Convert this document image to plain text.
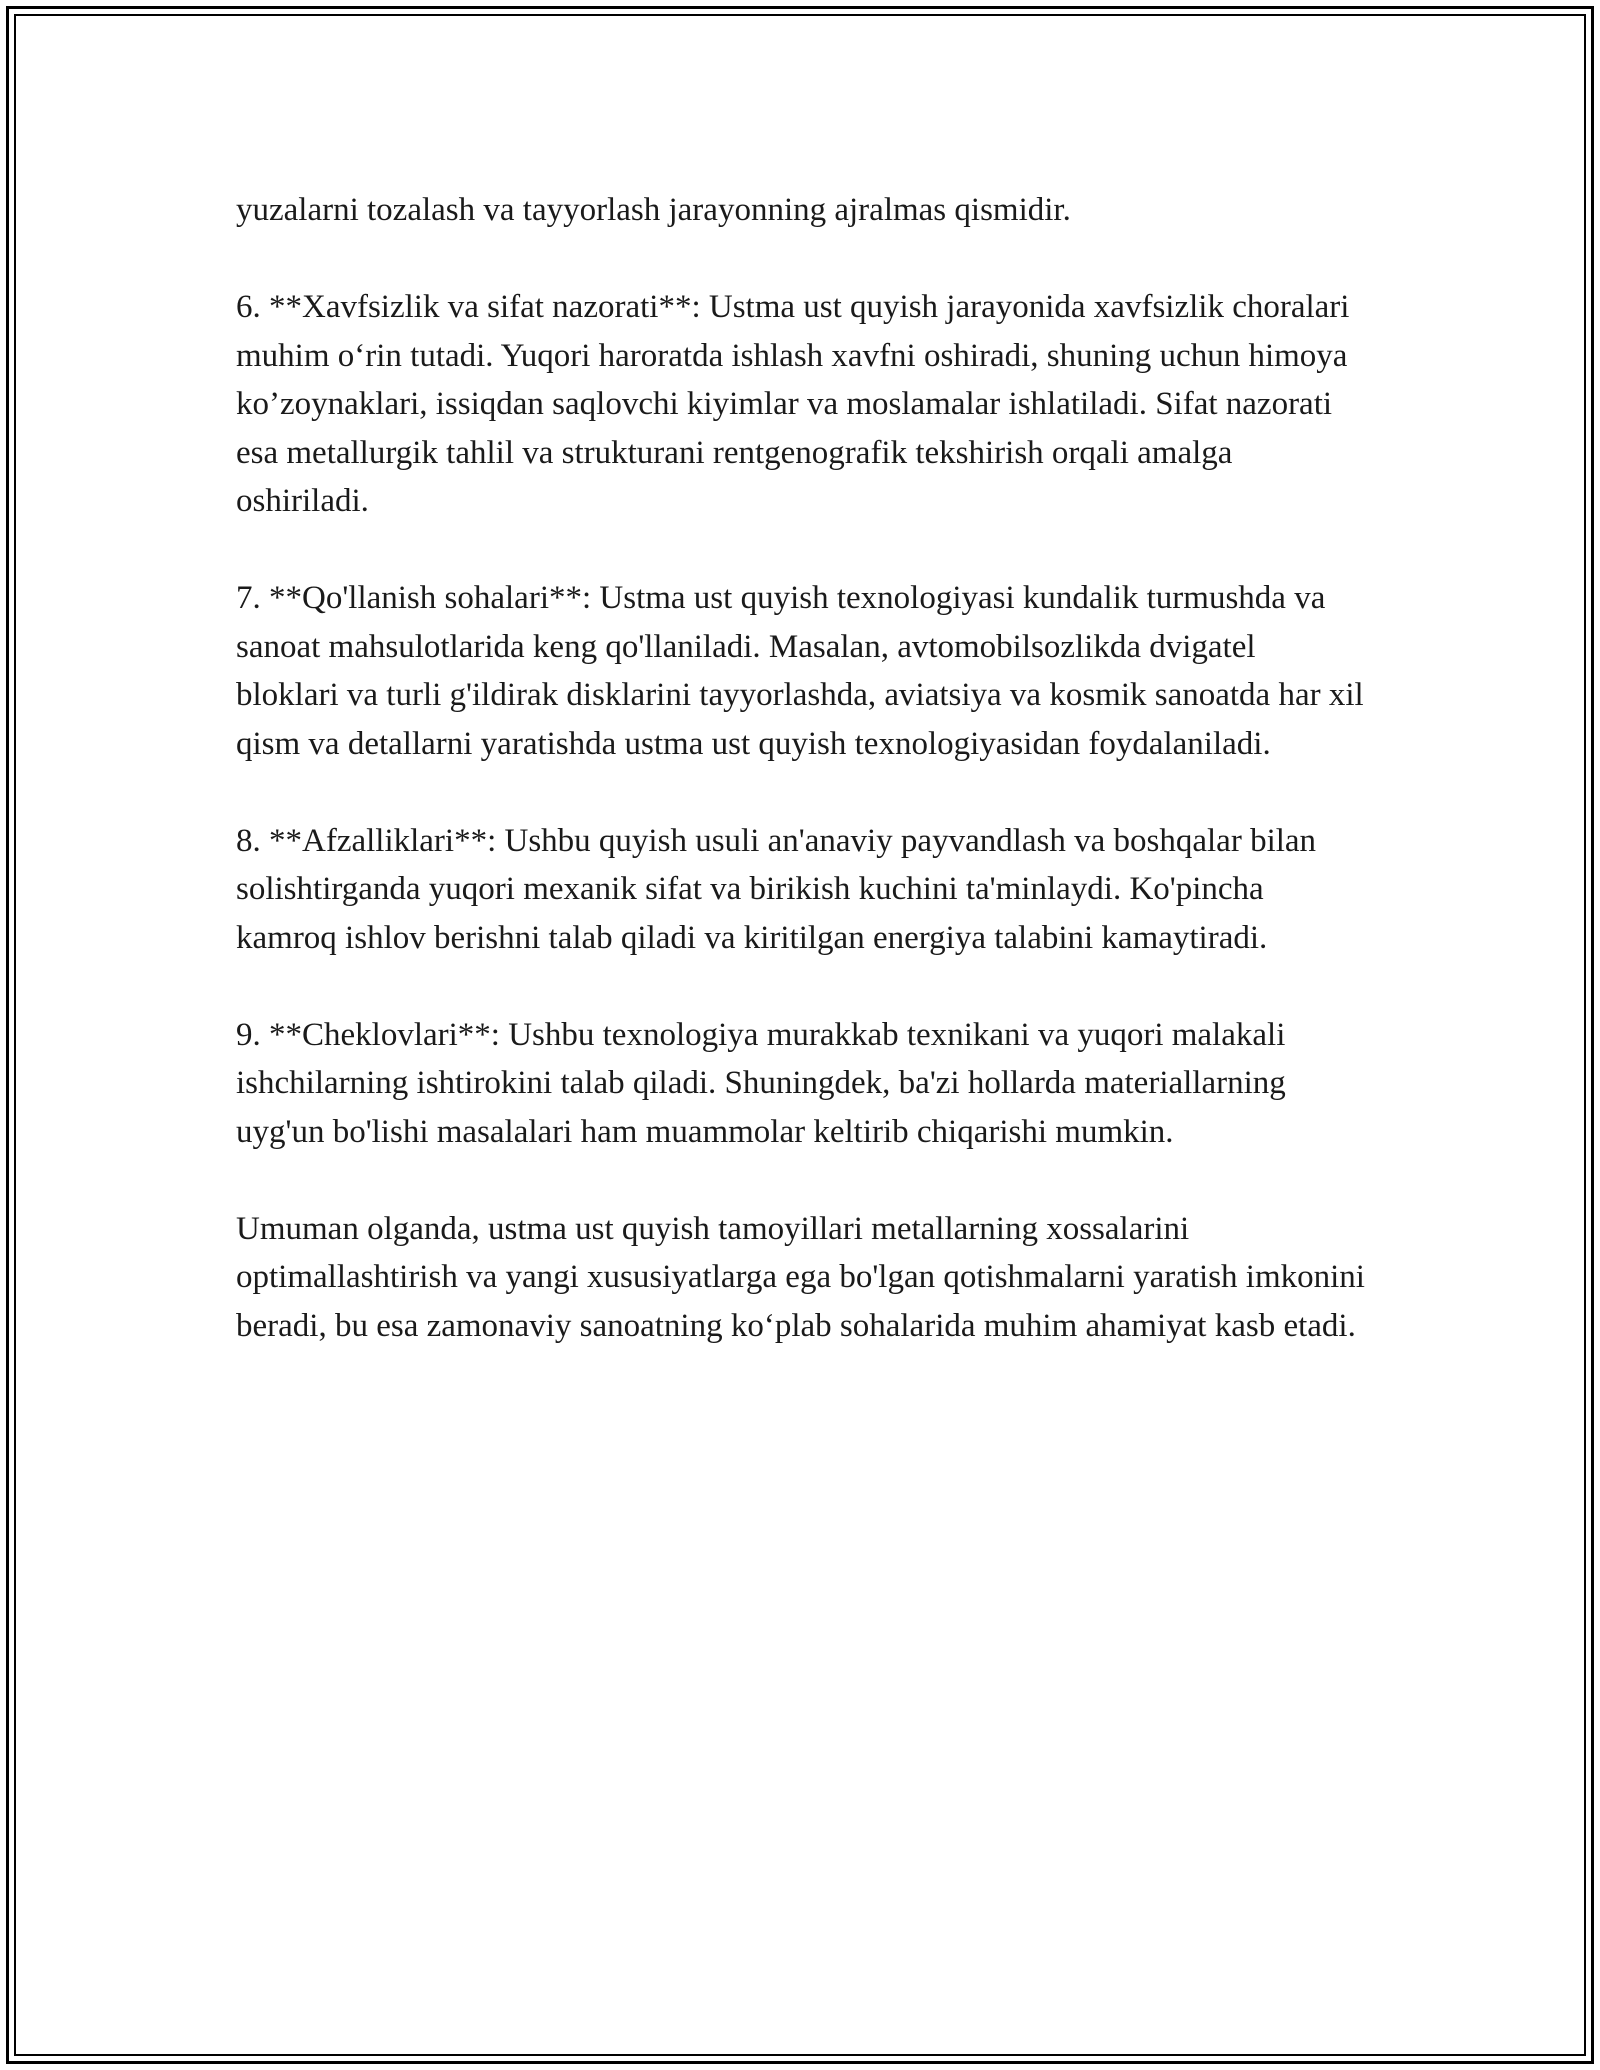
yuzalarni tozalash va tayyorlash jarayonning ajralmas qismidir.

6. **Xavfsizlik va sifat nazorati**: Ustma ust quyish jarayonida xavfsizlik choralari muhim o‘rin tutadi. Yuqori haroratda ishlash xavfni oshiradi, shuning uchun himoya ko’zoynaklari, issiqdan saqlovchi kiyimlar va moslamalar ishlatiladi. Sifat nazorati esa metallurgik tahlil va strukturani rentgenografik tekshirish orqali amalga oshiriladi.

7. **Qo'llanish sohalari**: Ustma ust quyish texnologiyasi kundalik turmushda va sanoat mahsulotlarida keng qo'llaniladi. Masalan, avtomobilsozlikda dvigatel bloklari va turli g'ildirak disklarini tayyorlashda, aviatsiya va kosmik sanoatda har xil qism va detallarni yaratishda ustma ust quyish texnologiyasidan foydalaniladi.

8. **Afzalliklari**: Ushbu quyish usuli an'anaviy payvandlash va boshqalar bilan solishtirganda yuqori mexanik sifat va birikish kuchini ta'minlaydi. Ko'pincha kamroq ishlov berishni talab qiladi va kiritilgan energiya talabini kamaytiradi.

9. **Cheklovlari**: Ushbu texnologiya murakkab texnikani va yuqori malakali ishchilarning ishtirokini talab qiladi. Shuningdek, ba'zi hollarda materiallarning uyg'un bo'lishi masalalari ham muammolar keltirib chiqarishi mumkin.

Umuman olganda, ustma ust quyish tamoyillari metallarning xossalarini optimallashtirish va yangi xususiyatlarga ega bo'lgan qotishmalarni yaratish imkonini beradi, bu esa zamonaviy sanoatning ko‘plab sohalarida muhim ahamiyat kasb etadi.
